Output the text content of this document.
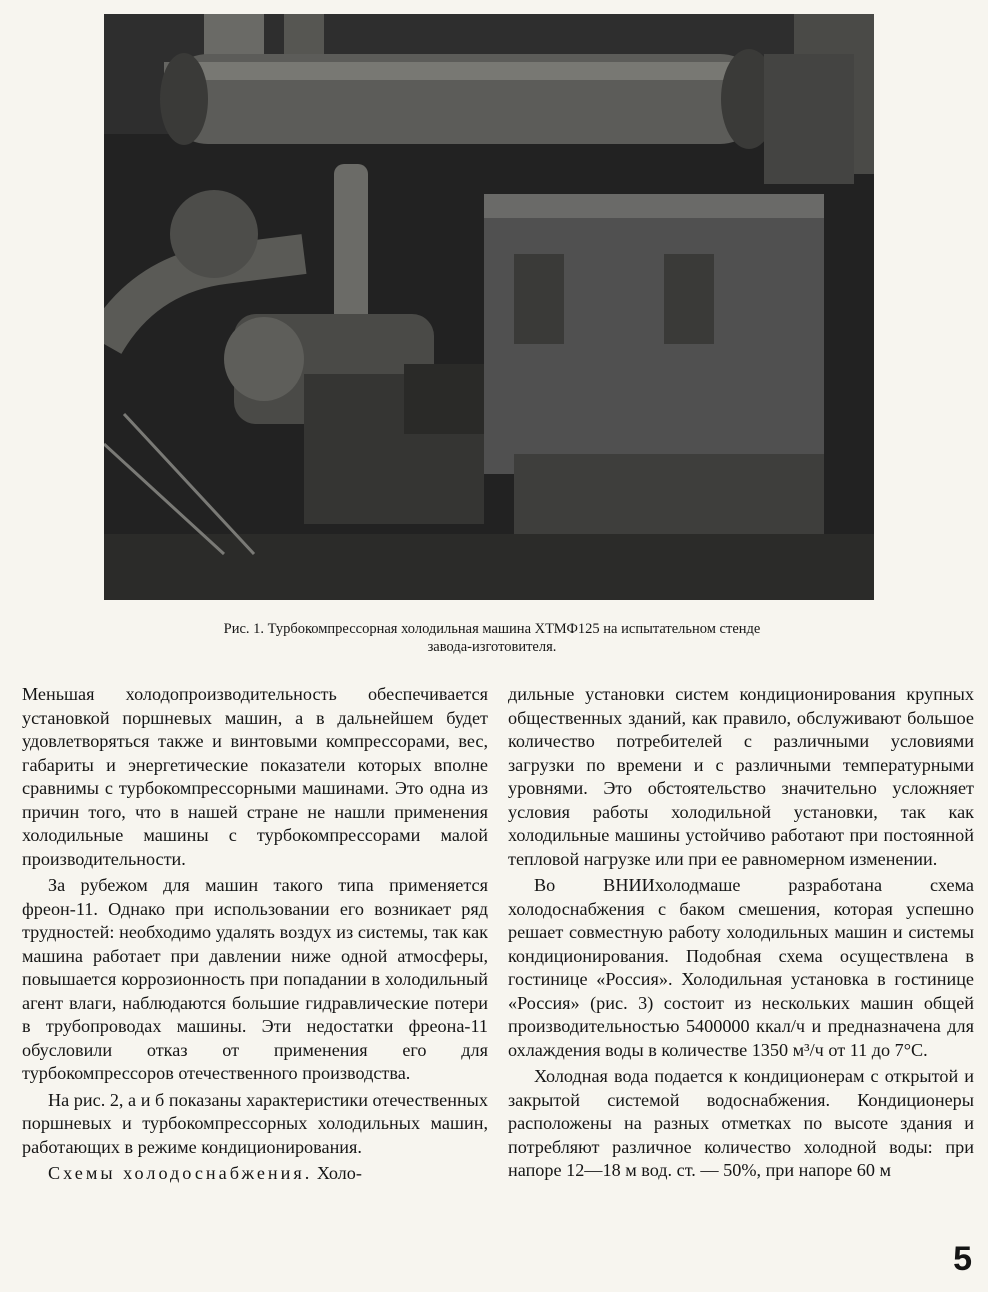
Рис. 1. Турбокомпрессорная холодильная машина ХТМФ125 на испытательном стенде
завода-изготовителя.

Меньшая холодопроизводительность обеспечивается установкой поршневых машин, а в дальнейшем будет удовлетворяться также и винтовыми компрессорами, вес, габариты и энергетические показатели которых вполне сравнимы с турбокомпрессорными машинами. Это одна из причин того, что в нашей стране не нашли применения холодильные машины с турбокомпрессорами малой производительности.

За рубежом для машин такого типа применяется фреон-11. Однако при использовании его возникает ряд трудностей: необходимо удалять воздух из системы, так как машина работает при давлении ниже одной атмосферы, повышается коррозионность при попадании в холодильный агент влаги, наблюдаются большие гидравлические потери в трубопроводах машины. Эти недостатки фреона-11 обусловили отказ от применения его для турбокомпрессоров отечественного производства.

На рис. 2, а и б показаны характеристики отечественных поршневых и турбокомпрессорных холодильных машин, работающих в режиме кондиционирования.

Схемы холодоснабжения. Холо-

дильные установки систем кондиционирования крупных общественных зданий, как правило, обслуживают большое количество потребителей с различными условиями загрузки по времени и с различными температурными уровнями. Это обстоятельство значительно усложняет условия работы холодильной установки, так как холодильные машины устойчиво работают при постоянной тепловой нагрузке или при ее равномерном изменении.

Во ВНИИхолодмаше разработана схема холодоснабжения с баком смешения, которая успешно решает совместную работу холодильных машин и системы кондиционирования. Подобная схема осуществлена в гостинице «Россия». Холодильная установка в гостинице «Россия» (рис. 3) состоит из нескольких машин общей производительностью 5400000 ккал/ч и предназначена для охлаждения воды в количестве 1350 м³/ч от 11 до 7°С.

Холодная вода подается к кондиционерам с открытой и закрытой системой водоснабжения. Кондиционеры расположены на разных отметках по высоте здания и потребляют различное количество холодной воды: при напоре 12—18 м вод. ст. — 50%, при напоре 60 м

5
